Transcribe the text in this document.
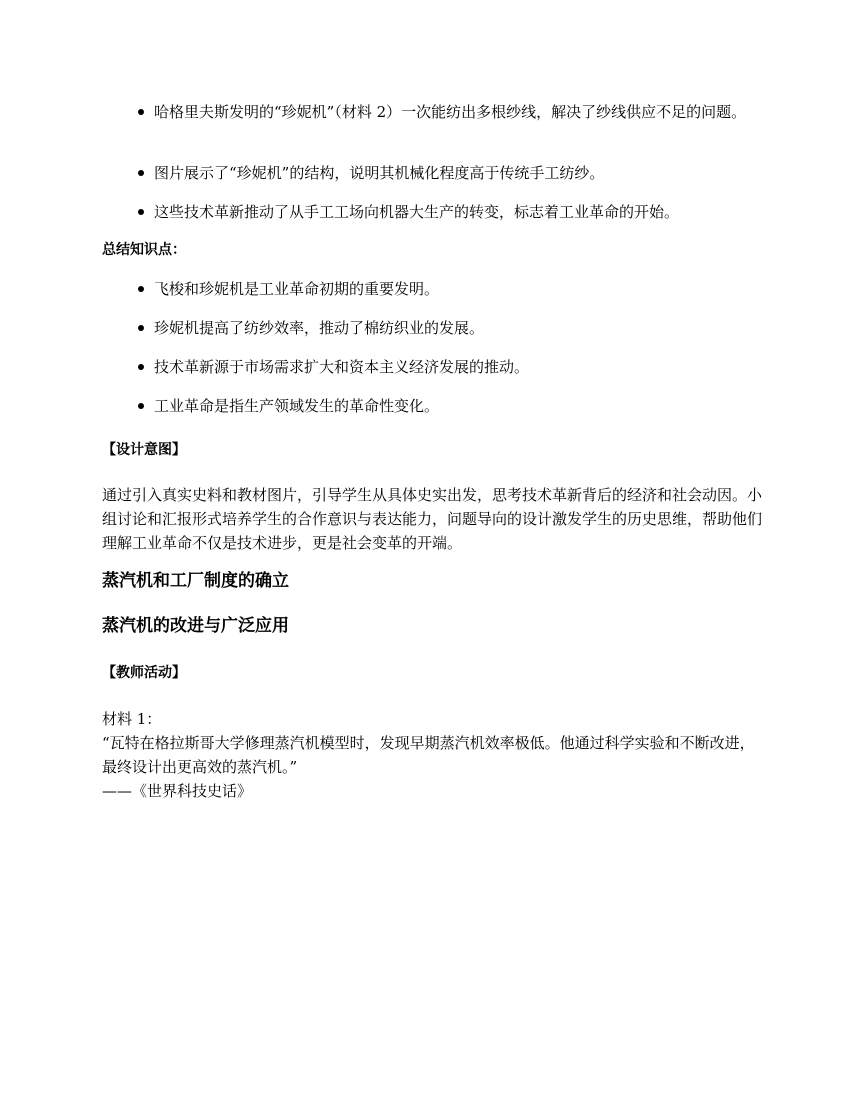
哈格里夫斯发明的“珍妮机”（材料 2）一次能纺出多根纱线，解决了纱线供应不足的问题。
图片展示了“珍妮机”的结构，说明其机械化程度高于传统手工纺纱。
这些技术革新推动了从手工工场向机器大生产的转变，标志着工业革命的开始。
总结知识点：
飞梭和珍妮机是工业革命初期的重要发明。
珍妮机提高了纺纱效率，推动了棉纺织业的发展。
技术革新源于市场需求扩大和资本主义经济发展的推动。
工业革命是指生产领域发生的革命性变化。
【设计意图】
通过引入真实史料和教材图片，引导学生从具体史实出发，思考技术革新背后的经济和社会动因。小组讨论和汇报形式培养学生的合作意识与表达能力，问题导向的设计激发学生的历史思维，帮助他们理解工业革命不仅是技术进步，更是社会变革的开端。
蒸汽机和工厂制度的确立
蒸汽机的改进与广泛应用
【教师活动】
材料 1：
“瓦特在格拉斯哥大学修理蒸汽机模型时，发现早期蒸汽机效率极低。他通过科学实验和不断改进，最终设计出更高效的蒸汽机。”
——《世界科技史话》
